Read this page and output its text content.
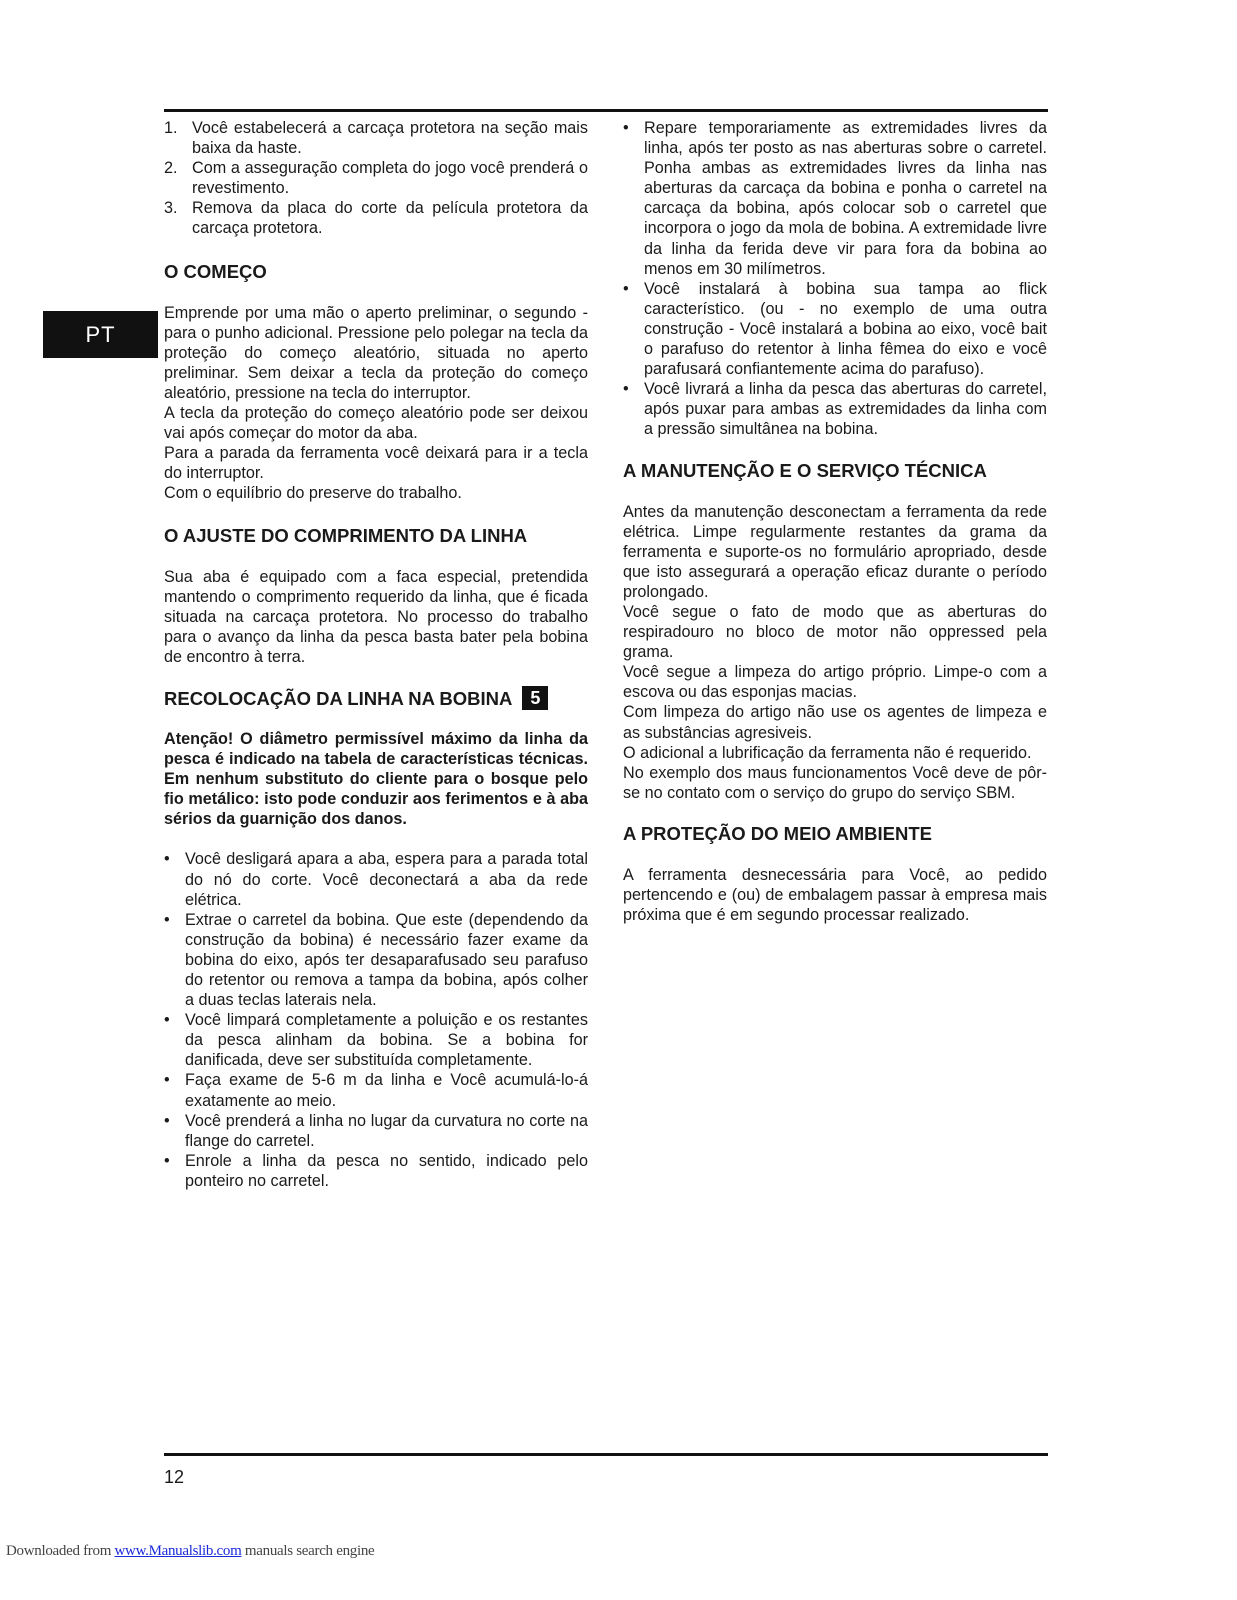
PT
1. Você estabelecerá a carcaça protetora na seção mais baixa da haste.
2. Com a asseguração completa do jogo você prenderá o revestimento.
3. Remova da placa do corte da película protetora da carcaça protetora.
O COMEÇO

Emprende por uma mão o aperto preliminar, o segundo - para o punho adicional. Pressione pelo polegar na tecla da proteção do começo aleatório, situada no aperto preliminar. Sem deixar a tecla da proteção do começo aleatório, pressione na tecla do interruptor.

A tecla da proteção do começo aleatório pode ser deixou vai após começar do motor da aba.

Para a parada da ferramenta você deixará para ir a tecla do interruptor.

Com o equilíbrio do preserve do trabalho.

O AJUSTE DO COMPRIMENTO DA LINHA

Sua aba é equipado com a faca especial, pretendida mantendo o comprimento requerido da linha, que é ficada situada na carcaça protetora. No processo do trabalho para o avanço da linha da pesca basta bater pela bobina de encontro à terra.

RECOLOCAÇÃO DA LINHA NA BOBINA 5

Atenção! O diâmetro permissível máximo da linha da pesca é indicado na tabela de características técnicas. Em nenhum substituto do cliente para o bosque pelo fio metálico: isto pode conduzir aos ferimentos e à aba sérios da guarnição dos danos.

• Você desligará apara a aba, espera para a parada total do nó do corte. Você deconectará a aba da rede elétrica.
• Extrae o carretel da bobina. Que este (dependendo da construção da bobina) é necessário fazer exame da bobina do eixo, após ter desaparafusado seu parafuso do retentor ou remova a tampa da bobina, após colher a duas teclas laterais nela.
• Você limpará completamente a poluição e os restantes da pesca alinham da bobina. Se a bobina for danificada, deve ser substituída completamente.
• Faça exame de 5-6 m da linha e Você acumulá-lo-á exatamente ao meio.
• Você prenderá a linha no lugar da curvatura no corte na flange do carretel.
• Enrole a linha da pesca no sentido, indicado pelo ponteiro no carretel.
• Repare temporariamente as extremidades livres da linha, após ter posto as nas aberturas sobre o carretel. Ponha ambas as extremidades livres da linha nas aberturas da carcaça da bobina e ponha o carretel na carcaça da bobina, após colocar sob o carretel que incorpora o jogo da mola de bobina. A extremidade livre da linha da ferida deve vir para fora da bobina ao menos em 30 milímetros.
• Você instalará à bobina sua tampa ao flick característico. (ou - no exemplo de uma outra construção - Você instalará a bobina ao eixo, você bait o parafuso do retentor à linha fêmea do eixo e você parafusará confiantemente acima do parafuso).
• Você livrará a linha da pesca das aberturas do carretel, após puxar para ambas as extremidades da linha com a pressão simultânea na bobina.
A MANUTENÇÃO E O SERVIÇO TÉCNICA

Antes da manutenção desconectam a ferramenta da rede elétrica. Limpe regularmente restantes da grama da ferramenta e suporte-os no formulário apropriado, desde que isto assegurará a operação eficaz durante o período prolongado.

Você segue o fato de modo que as aberturas do respiradouro no bloco de motor não oppressed pela grama.

Você segue a limpeza do artigo próprio. Limpe-o com a escova ou das esponjas macias.

Com limpeza do artigo não use os agentes de limpeza e as substâncias agresiveis.

O adicional a lubrificação da ferramenta não é requerido.

No exemplo dos maus funcionamentos Você deve de pôr-se no contato com o serviço do grupo do serviço SBM.

A PROTEÇÃO DO MEIO AMBIENTE

A ferramenta desnecessária para Você, ao pedido pertencendo e (ou) de embalagem passar à empresa mais próxima que é em segundo processar realizado.

12
Downloaded from www.Manualslib.com manuals search engine
